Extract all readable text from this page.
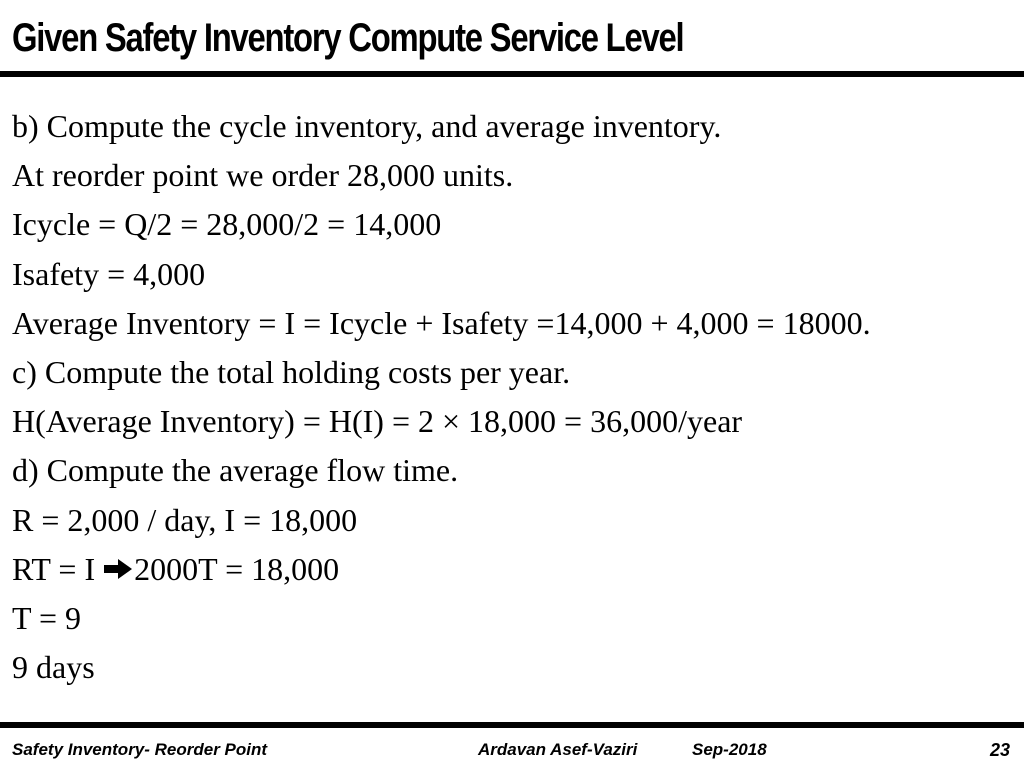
Given Safety Inventory Compute Service Level
b) Compute the cycle inventory, and average inventory.
At reorder point we order 28,000 units.
Icycle = Q/2 = 28,000/2 = 14,000
Isafety = 4,000
Average Inventory = I = Icycle + Isafety =14,000 + 4,000 = 18000.
c) Compute the total holding costs per year.
H(Average Inventory) = H(I) = 2 × 18,000 = 36,000/year
d) Compute the average flow time.
R = 2,000 / day, I = 18,000
RT = I 2000T = 18,000
T = 9
9 days
Safety Inventory- Reorder Point	Ardavan Asef-Vaziri	Sep-2018	23
